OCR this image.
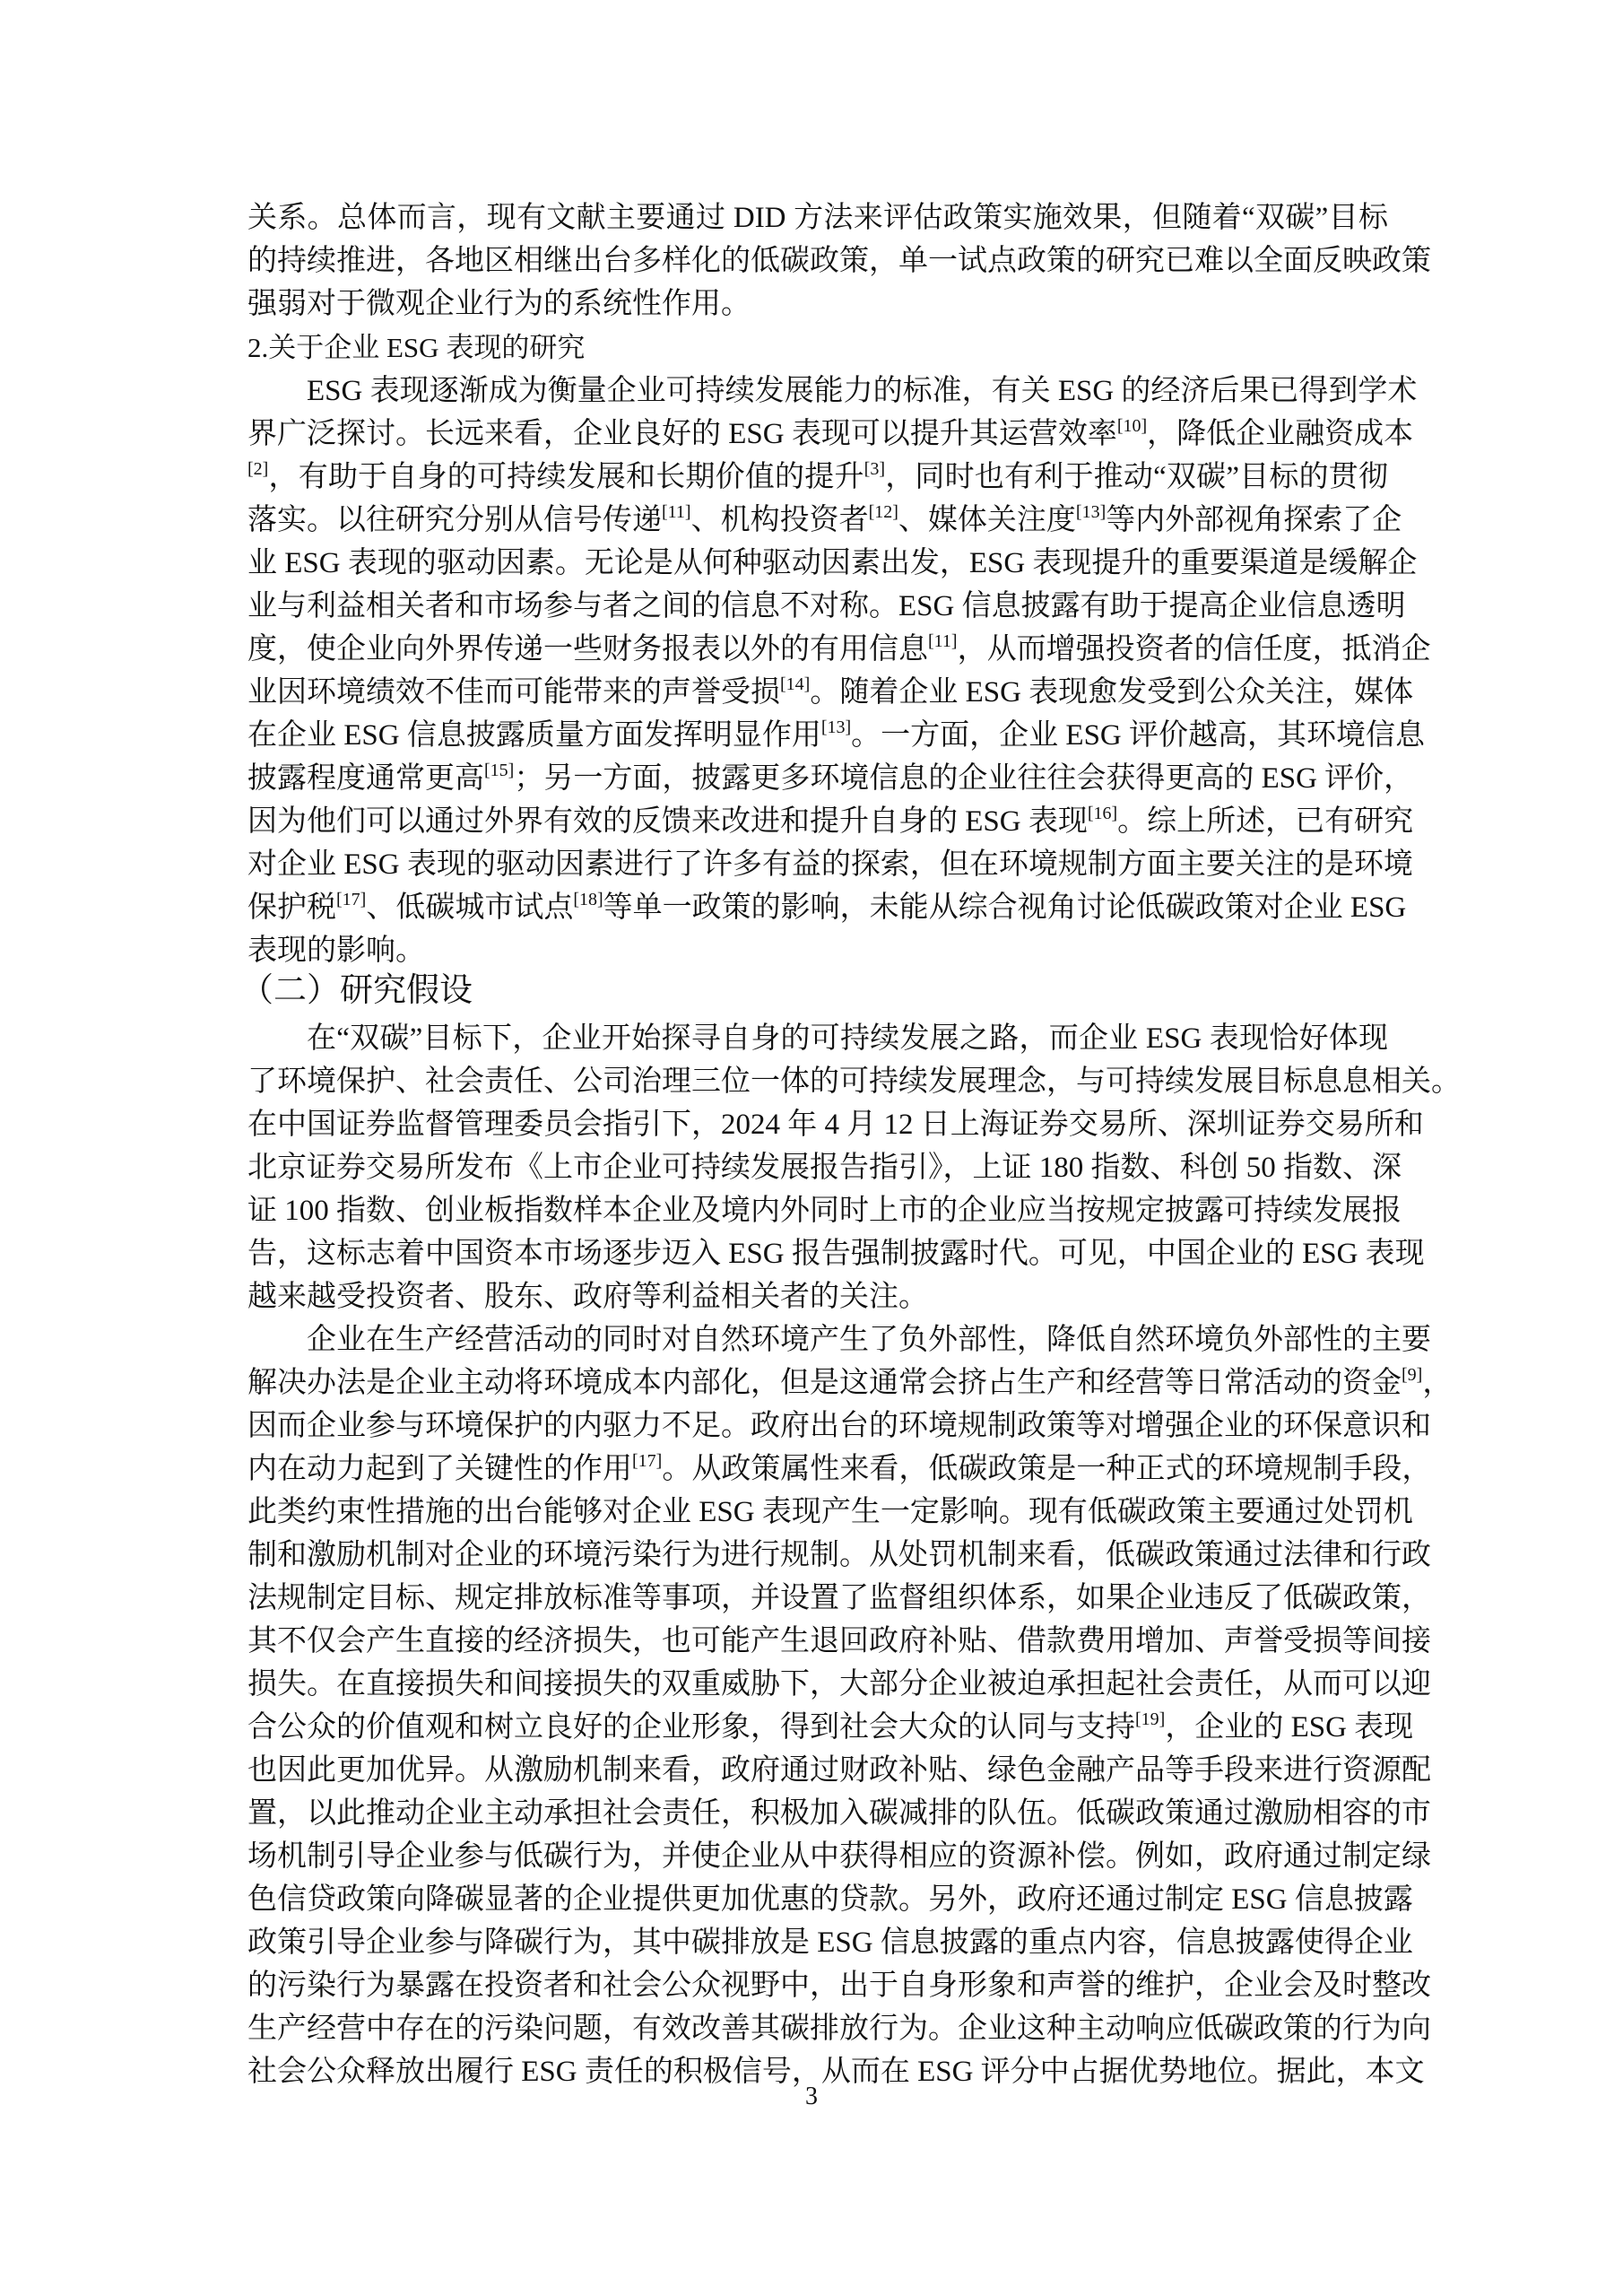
关系。总体而言，现有文献主要通过 DID 方法来评估政策实施效果，但随着“双碳”目标
的持续推进，各地区相继出台多样化的低碳政策，单一试点政策的研究已难以全面反映政策
强弱对于微观企业行为的系统性作用。
2.关于企业 ESG 表现的研究
ESG 表现逐渐成为衡量企业可持续发展能力的标准，有关 ESG 的经济后果已得到学术
界广泛探讨。长远来看，企业良好的 ESG 表现可以提升其运营效率[10]，降低企业融资成本
[2]，有助于自身的可持续发展和长期价值的提升[3]，同时也有利于推动“双碳”目标的贯彻
落实。以往研究分别从信号传递[11]、机构投资者[12]、媒体关注度[13]等内外部视角探索了企
业 ESG 表现的驱动因素。无论是从何种驱动因素出发，ESG 表现提升的重要渠道是缓解企
业与利益相关者和市场参与者之间的信息不对称。ESG 信息披露有助于提高企业信息透明
度，使企业向外界传递一些财务报表以外的有用信息[11]，从而增强投资者的信任度，抵消企
业因环境绩效不佳而可能带来的声誉受损[14]。随着企业 ESG 表现愈发受到公众关注，媒体
在企业 ESG 信息披露质量方面发挥明显作用[13]。一方面，企业 ESG 评价越高，其环境信息
披露程度通常更高[15]；另一方面，披露更多环境信息的企业往往会获得更高的 ESG 评价，
因为他们可以通过外界有效的反馈来改进和提升自身的 ESG 表现[16]。综上所述，已有研究
对企业 ESG 表现的驱动因素进行了许多有益的探索，但在环境规制方面主要关注的是环境
保护税[17]、低碳城市试点[18]等单一政策的影响，未能从综合视角讨论低碳政策对企业 ESG
表现的影响。
（二）研究假设
在“双碳”目标下，企业开始探寻自身的可持续发展之路，而企业 ESG 表现恰好体现
了环境保护、社会责任、公司治理三位一体的可持续发展理念，与可持续发展目标息息相关。
在中国证券监督管理委员会指引下，2024 年 4 月 12 日上海证券交易所、深圳证券交易所和
北京证券交易所发布《上市企业可持续发展报告指引》，上证 180 指数、科创 50 指数、深
证 100 指数、创业板指数样本企业及境内外同时上市的企业应当按规定披露可持续发展报
告，这标志着中国资本市场逐步迈入 ESG 报告强制披露时代。可见，中国企业的 ESG 表现
越来越受投资者、股东、政府等利益相关者的关注。
企业在生产经营活动的同时对自然环境产生了负外部性，降低自然环境负外部性的主要
解决办法是企业主动将环境成本内部化，但是这通常会挤占生产和经营等日常活动的资金[9]，
因而企业参与环境保护的内驱力不足。政府出台的环境规制政策等对增强企业的环保意识和
内在动力起到了关键性的作用[17]。从政策属性来看，低碳政策是一种正式的环境规制手段，
此类约束性措施的出台能够对企业 ESG 表现产生一定影响。现有低碳政策主要通过处罚机
制和激励机制对企业的环境污染行为进行规制。从处罚机制来看，低碳政策通过法律和行政
法规制定目标、规定排放标准等事项，并设置了监督组织体系，如果企业违反了低碳政策，
其不仅会产生直接的经济损失，也可能产生退回政府补贴、借款费用增加、声誉受损等间接
损失。在直接损失和间接损失的双重威胁下，大部分企业被迫承担起社会责任，从而可以迎
合公众的价值观和树立良好的企业形象，得到社会大众的认同与支持[19]，企业的 ESG 表现
也因此更加优异。从激励机制来看，政府通过财政补贴、绿色金融产品等手段来进行资源配
置，以此推动企业主动承担社会责任，积极加入碳减排的队伍。低碳政策通过激励相容的市
场机制引导企业参与低碳行为，并使企业从中获得相应的资源补偿。例如，政府通过制定绿
色信贷政策向降碳显著的企业提供更加优惠的贷款。另外，政府还通过制定 ESG 信息披露
政策引导企业参与降碳行为，其中碳排放是 ESG 信息披露的重点内容，信息披露使得企业
的污染行为暴露在投资者和社会公众视野中，出于自身形象和声誉的维护，企业会及时整改
生产经营中存在的污染问题，有效改善其碳排放行为。企业这种主动响应低碳政策的行为向
社会公众释放出履行 ESG 责任的积极信号，从而在 ESG 评分中占据优势地位。据此，本文
3
